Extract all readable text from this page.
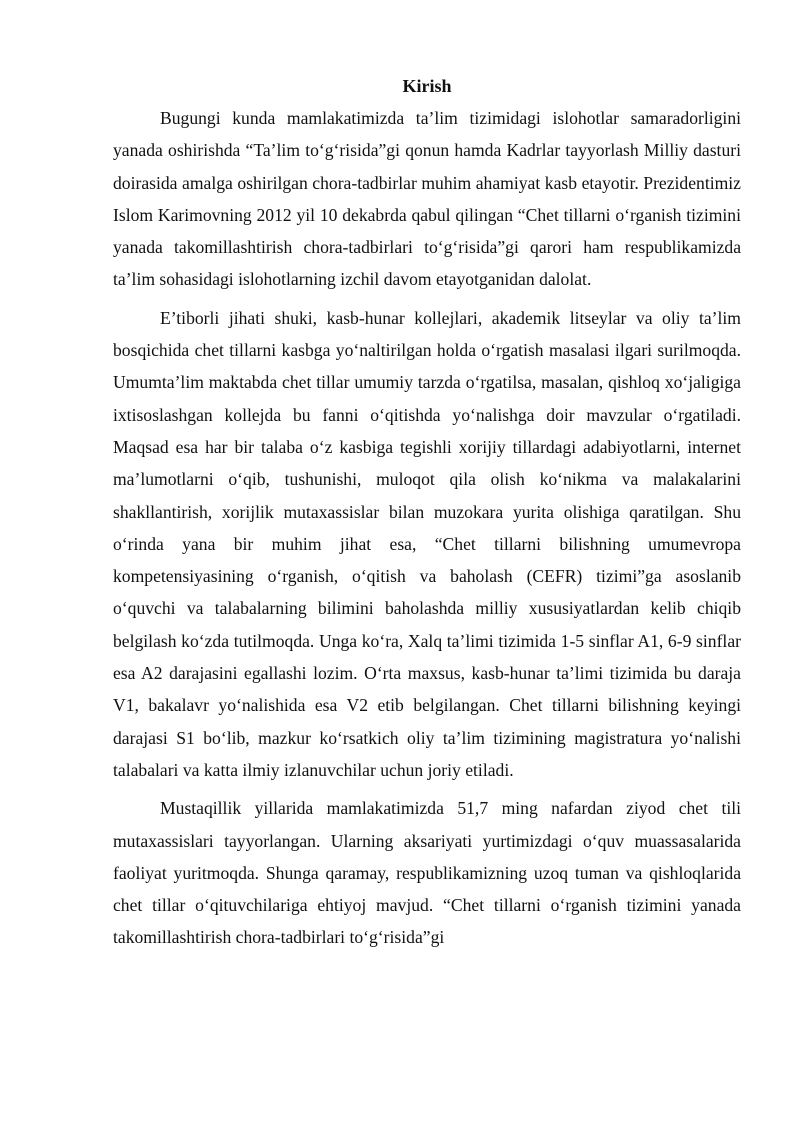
Kirish

Bugungi kunda mamlakatimizda ta’lim tizimidagi islohotlar samaradorligini yanada oshirishda “Ta’lim to‘g‘risida”gi qonun hamda Kadrlar tayyorlash Milliy dasturi doirasida amalga oshirilgan chora-tadbirlar muhim ahamiyat kasb etayotir. Prezidentimiz Islom Karimovning 2012 yil 10 dekabrda qabul qilingan “Chet tillarni o‘rganish tizimini yanada takomillashtirish chora-tadbirlari to‘g‘risida”gi qarori ham respublikamizda ta’lim sohasidagi islohotlarning izchil davom etayotganidan dalolat.

E’tiborli jihati shuki, kasb-hunar kollejlari, akademik litseylar va oliy ta’lim bosqichida chet tillarni kasbga yo‘naltirilgan holda o‘rgatish masalasi ilgari surilmoqda. Umumta’lim maktabda chet tillar umumiy tarzda o‘rgatilsa, masalan, qishloq xo‘jaligiga ixtisoslashgan kollejda bu fanni o‘qitishda yo‘nalishga doir mavzular o‘rgatiladi. Maqsad esa har bir talaba o‘z kasbiga tegishli xorijiy tillardagi adabiyotlarni, internet ma’lumotlarni o‘qib, tushunishi, muloqot qila olish ko‘nikma va malakalarini shakllantirish, xorijlik mutaxassislar bilan muzokara yurita olishiga qaratilgan. Shu o‘rinda yana bir muhim jihat esa, “Chet tillarni bilishning umumevropa kompetensiyasining o‘rganish, o‘qitish va baholash (CEFR) tizimi”ga asoslanib o‘quvchi va talabalarning bilimini baholashda milliy xususiyatlardan kelib chiqib belgilash ko‘zda tutilmoqda. Unga ko‘ra, Xalq ta’limi tizimida 1-5 sinflar A1, 6-9 sinflar esa A2 darajasini egallashi lozim. O‘rta maxsus, kasb-hunar ta’limi tizimida bu daraja V1, bakalavr yo‘nalishida esa V2 etib belgilangan. Chet tillarni bilishning keyingi darajasi S1 bo‘lib, mazkur ko‘rsatkich oliy ta’lim tizimining magistratura yo‘nalishi talabalari va katta ilmiy izlanuvchilar uchun joriy etiladi.

Mustaqillik yillarida mamlakatimizda 51,7 ming nafardan ziyod chet tili mutaxassislari tayyorlangan. Ularning aksariyati yurtimizdagi o‘quv muassasalarida faoliyat yuritmoqda. Shunga qaramay, respublikamizning uzoq tuman va qishloqlarida chet tillar o‘qituvchilariga ehtiyoj mavjud. “Chet tillarni o‘rganish tizimini yanada takomillashtirish chora-tadbirlari to‘g‘risida”gi
